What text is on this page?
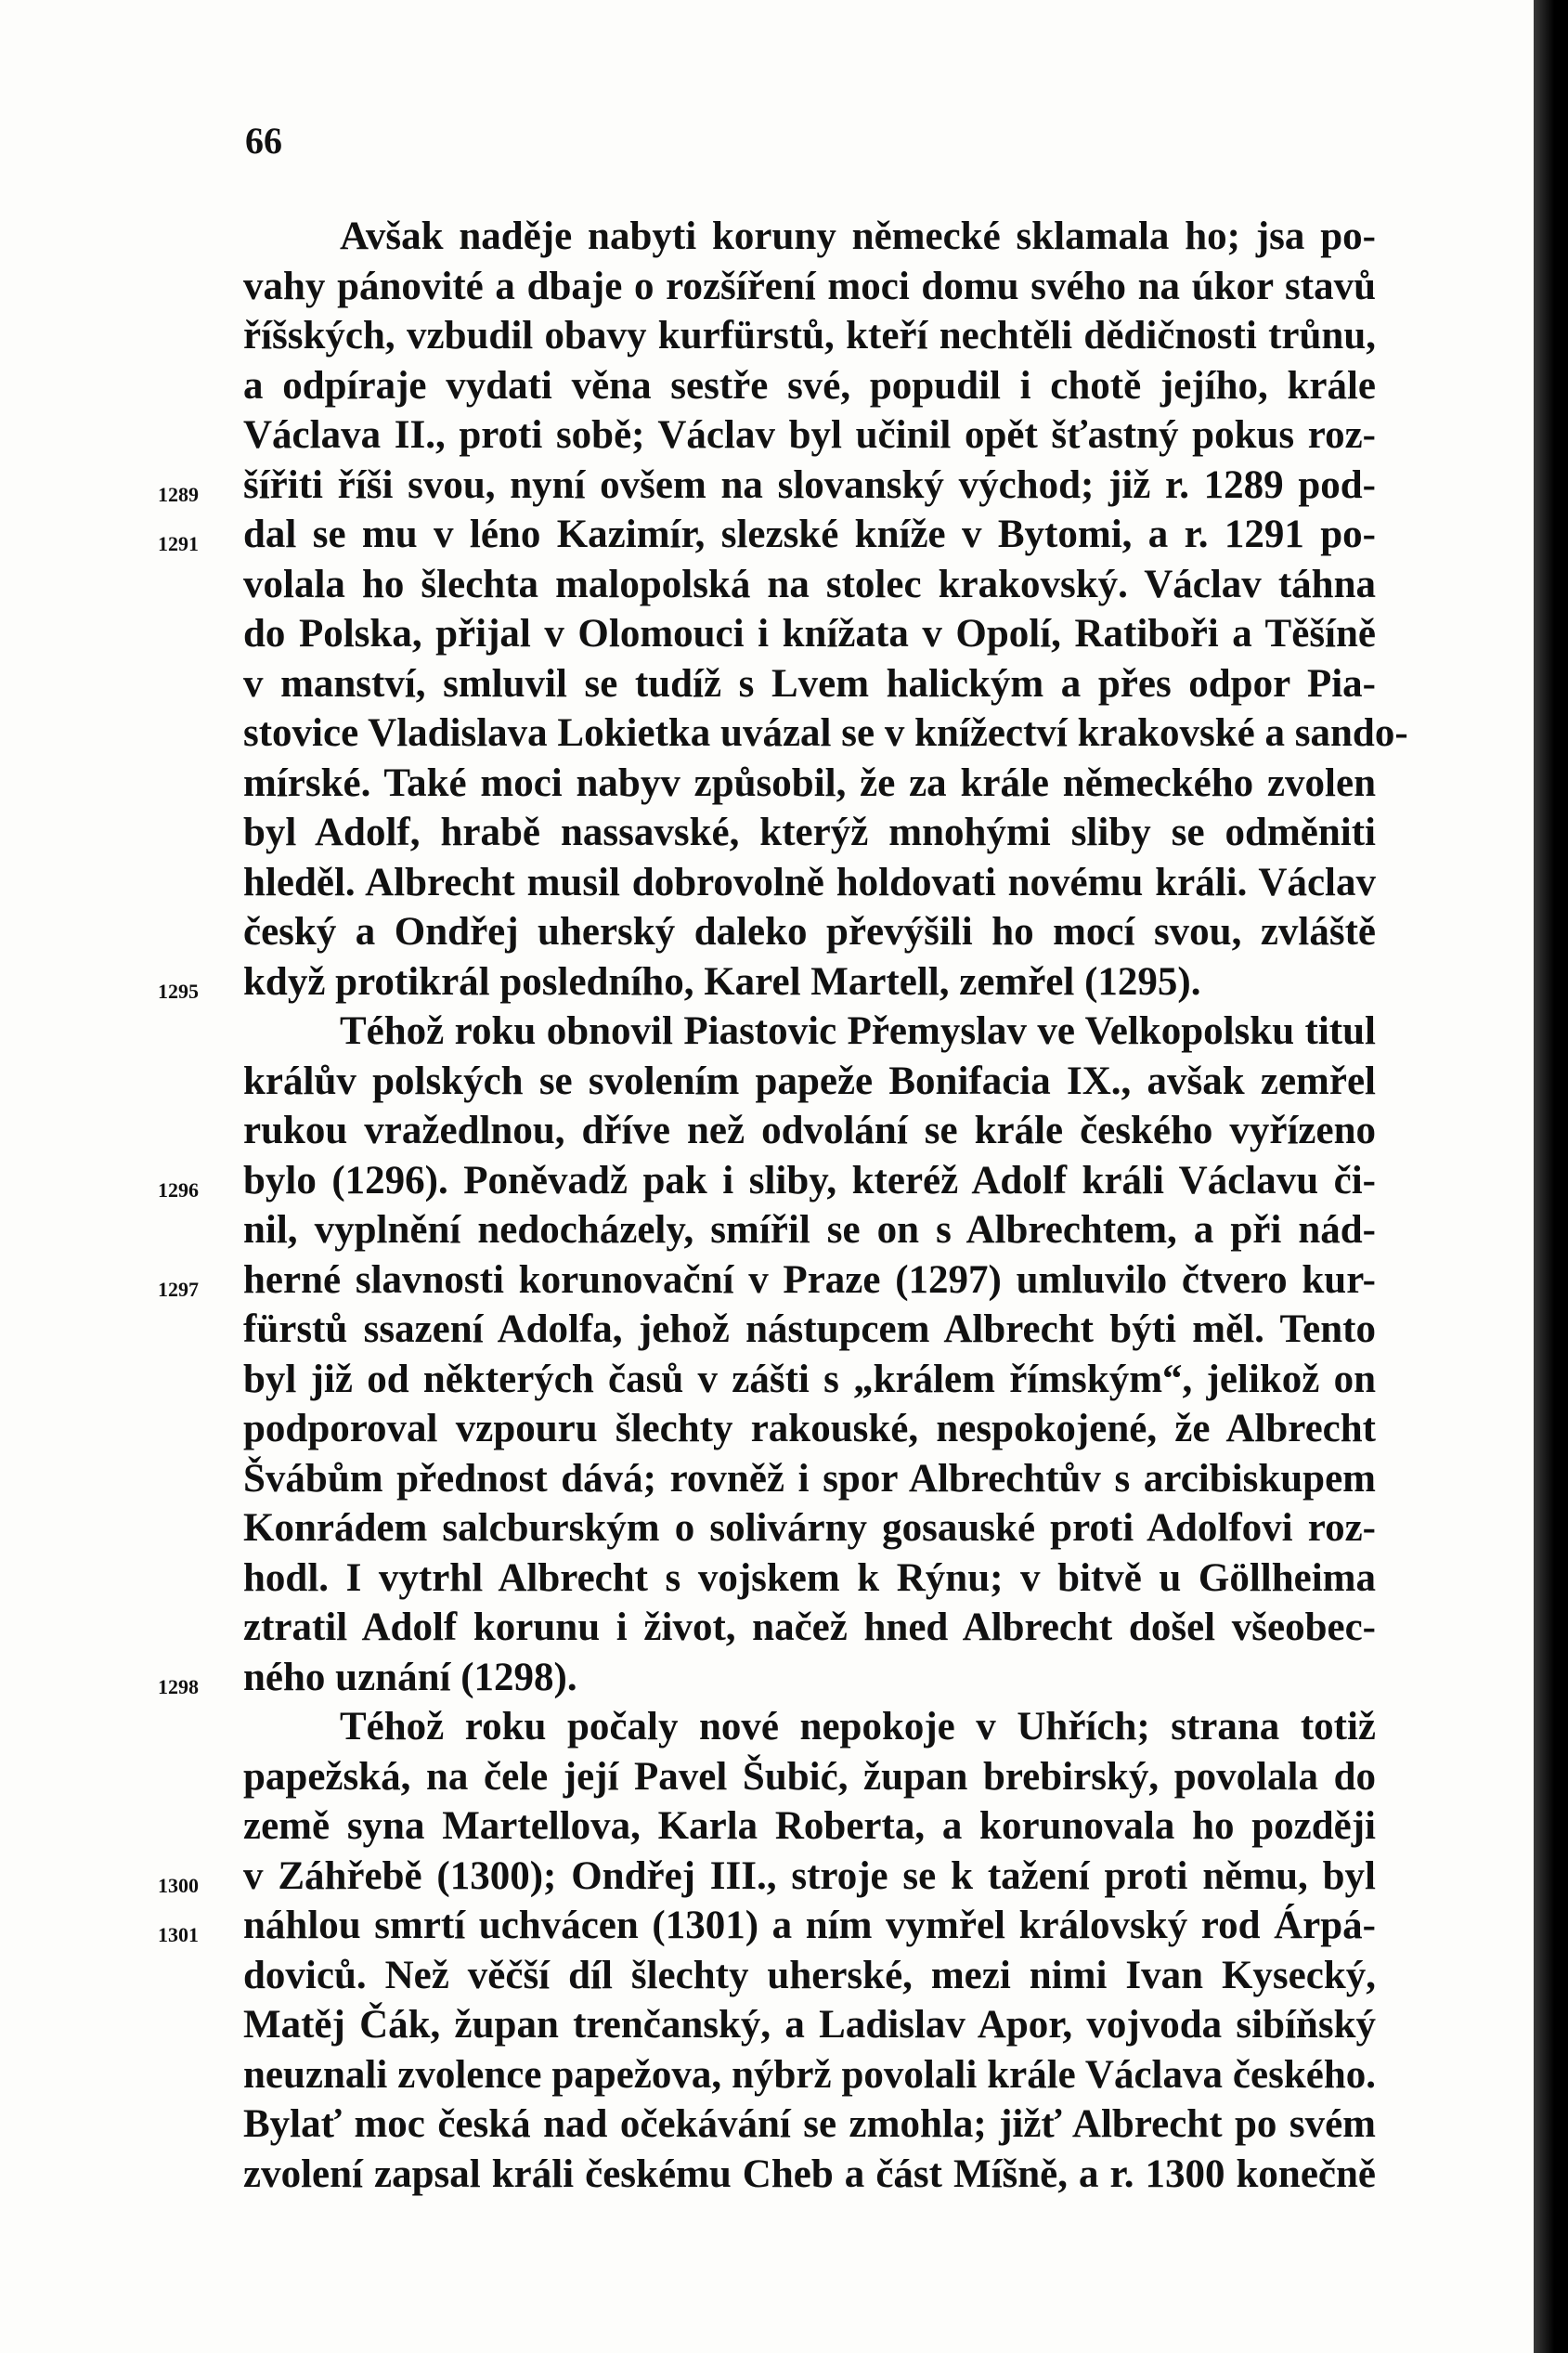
66
Avšak naděje nabyti koruny německé sklamala ho; jsa po-
vahy pánovité a dbaje o rozšíření moci domu svého na úkor stavů
říšských, vzbudil obavy kurfürstů, kteří nechtěli dědičnosti trůnu,
a odpíraje vydati věna sestře své, popudil i chotě jejího, krále
Václava II., proti sobě; Václav byl učinil opět šťastný pokus roz-
1289 šířiti říši svou, nyní ovšem na slovanský východ; již r. 1289 pod-
1291 dal se mu v léno Kazimír, slezské kníže v Bytomi, a r. 1291 po-
volala ho šlechta malopolská na stolec krakovský. Václav táhna
do Polska, přijal v Olomouci i knížata v Opolí, Ratiboři a Těšíně
v manství, smluvil se tudíž s Lvem halickým a přes odpor Pia-
stovice Vladislava Lokietka uvázal se v knížectví krakovské a sando-
mírské. Také moci nabyv způsobil, že za krále německého zvolen
byl Adolf, hrabě nassavské, kterýž mnohými sliby se odměniti
hleděl. Albrecht musil dobrovolně holdovati novému králi. Václav
český a Ondřej uherský daleko převýšili ho mocí svou, zvláště
1295 když protikrál posledního, Karel Martell, zemřel (1295).
Téhož roku obnovil Piastovic Přemyslav ve Velkopolsku titul
králův polských se svolením papeže Bonifacia IX., avšak zemřel
rukou vražedlnou, dříve než odvolání se krále českého vyřízeno
1296 bylo (1296). Poněvadž pak i sliby, kteréž Adolf králi Václavu či-
nil, vyplnění nedocházely, smířil se on s Albrechtem, a při nád-
1297 herné slavnosti korunovační v Praze (1297) umluvilo čtvero kur-
fürstů ssazení Adolfa, jehož nástupcem Albrecht býti měl. Tento
byl již od některých časů v zášti s „králem římským“, jelikož on
podporoval vzpouru šlechty rakouské, nespokojené, že Albrecht
Švábům přednost dává; rovněž i spor Albrechtův s arcibiskupem
Konrádem salcburským o solivárny gosauské proti Adolfovi roz-
hodl. I vytrhl Albrecht s vojskem k Rýnu; v bitvě u Göllheima
ztratil Adolf korunu i život, načež hned Albrecht došel všeobec-
1298 ného uznání (1298).
Téhož roku počaly nové nepokoje v Uhřích; strana totiž
papežská, na čele její Pavel Šubić, župan brebirský, povolala do
země syna Martellova, Karla Roberta, a korunovala ho později
1300 v Záhřebě (1300); Ondřej III., stroje se k tažení proti němu, byl
1301 náhlou smrtí uchvácen (1301) a ním vymřel královský rod Árpá-
doviců. Než věčší díl šlechty uherské, mezi nimi Ivan Kysecký,
Matěj Čák, župan trenčanský, a Ladislav Apor, vojvoda sibíňský
neuznali zvolence papežova, nýbrž povolali krále Václava českého.
Bylať moc česká nad očekávání se zmohla; jižť Albrecht po svém
zvolení zapsal králi českému Cheb a část Míšně, a r. 1300 konečně
